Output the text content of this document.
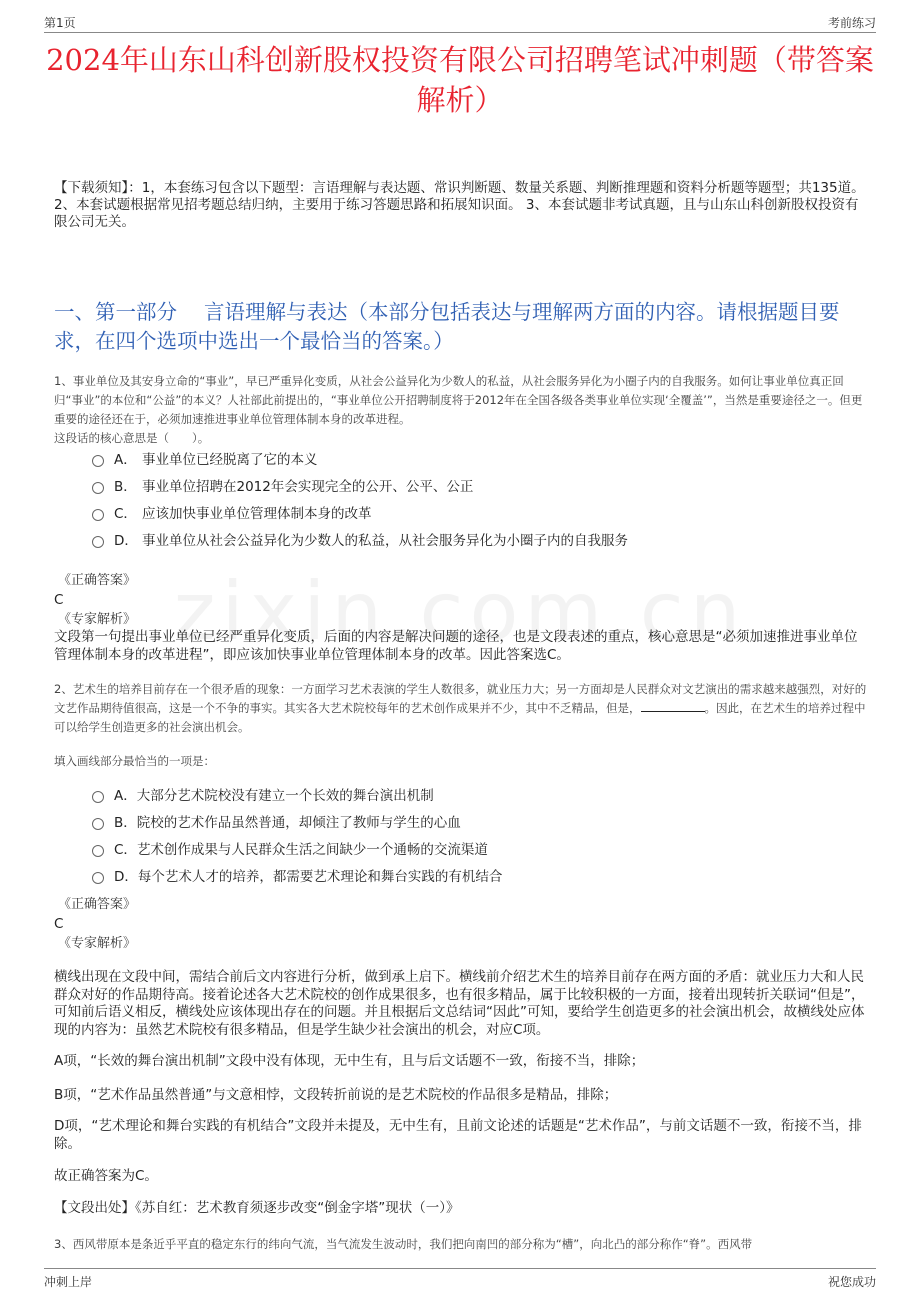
第1页	考前练习
2024年山东山科创新股权投资有限公司招聘笔试冲刺题（带答案解析）
【下载须知】：1，本套练习包含以下题型：言语理解与表达题、常识判断题、数量关系题、判断推理题和资料分析题等题型；共135道。 2、本套试题根据常见招考题总结归纳，主要用于练习答题思路和拓展知识面。 3、本套试题非考试真题，且与山东山科创新股权投资有限公司无关。
一、第一部分　 言语理解与表达（本部分包括表达与理解两方面的内容。请根据题目要求，在四个选项中选出一个最恰当的答案。）
1、事业单位及其安身立命的“事业”，早已严重异化变质，从社会公益异化为少数人的私益，从社会服务异化为小圈子内的自我服务。如何让事业单位真正回归“事业”的本位和“公益”的本义？人社部此前提出的，“事业单位公开招聘制度将于2012年在全国各级各类事业单位实现‘全覆盖’”，当然是重要途径之一。但更重要的途径还在于，必须加速推进事业单位管理体制本身的改革进程。
这段话的核心意思是（　　）。
A． 事业单位已经脱离了它的本义
B． 事业单位招聘在2012年会实现完全的公开、公平、公正
C． 应该加快事业单位管理体制本身的改革
D． 事业单位从社会公益异化为少数人的私益，从社会服务异化为小圈子内的自我服务
《正确答案》
C
《专家解析》
文段第一句提出事业单位已经严重异化变质，后面的内容是解决问题的途径，也是文段表述的重点，核心意思是“必须加速推进事业单位管理体制本身的改革进程”，即应该加快事业单位管理体制本身的改革。因此答案选C。
2、艺术生的培养目前存在一个很矛盾的现象：一方面学习艺术表演的学生人数很多，就业压力大；另一方面却是人民群众对文艺演出的需求越来越强烈，对好的文艺作品期待值很高，这是一个不争的事实。其实各大艺术院校每年的艺术创作成果并不少，其中不乏精品，但是，	。因此，在艺术生的培养过程中可以给学生创造更多的社会演出机会。
填入画线部分最恰当的一项是：
A．大部分艺术院校没有建立一个长效的舞台演出机制
B．院校的艺术作品虽然普通，却倾注了教师与学生的心血
C．艺术创作成果与人民群众生活之间缺少一个通畅的交流渠道
D．每个艺术人才的培养，都需要艺术理论和舞台实践的有机结合
《正确答案》
C
《专家解析》
横线出现在文段中间，需结合前后文内容进行分析，做到承上启下。横线前介绍艺术生的培养目前存在两方面的矛盾：就业压力大和人民群众对好的作品期待高。接着论述各大艺术院校的创作成果很多，也有很多精品，属于比较积极的一方面，接着出现转折关联词“但是”，可知前后语义相反，横线处应该体现出存在的问题。并且根据后文总结词“因此”可知，要给学生创造更多的社会演出机会，故横线处应体现的内容为：虽然艺术院校有很多精品，但是学生缺少社会演出的机会，对应C项。
A项，“长效的舞台演出机制”文段中没有体现，无中生有，且与后文话题不一致，衔接不当，排除；
B项，“艺术作品虽然普通”与文意相悖，文段转折前说的是艺术院校的作品很多是精品，排除；
D项，“艺术理论和舞台实践的有机结合”文段并未提及，无中生有，且前文论述的话题是“艺术作品”，与前文话题不一致，衔接不当，排除。
故正确答案为C。
【文段出处】《苏自红：艺术教育须逐步改变“倒金字塔”现状（一）》
3、西风带原本是条近乎平直的稳定东行的纬向气流，当气流发生波动时，我们把向南凹的部分称为“槽”，向北凸的部分称作“脊”。西风带
冲刺上岸	祝您成功
